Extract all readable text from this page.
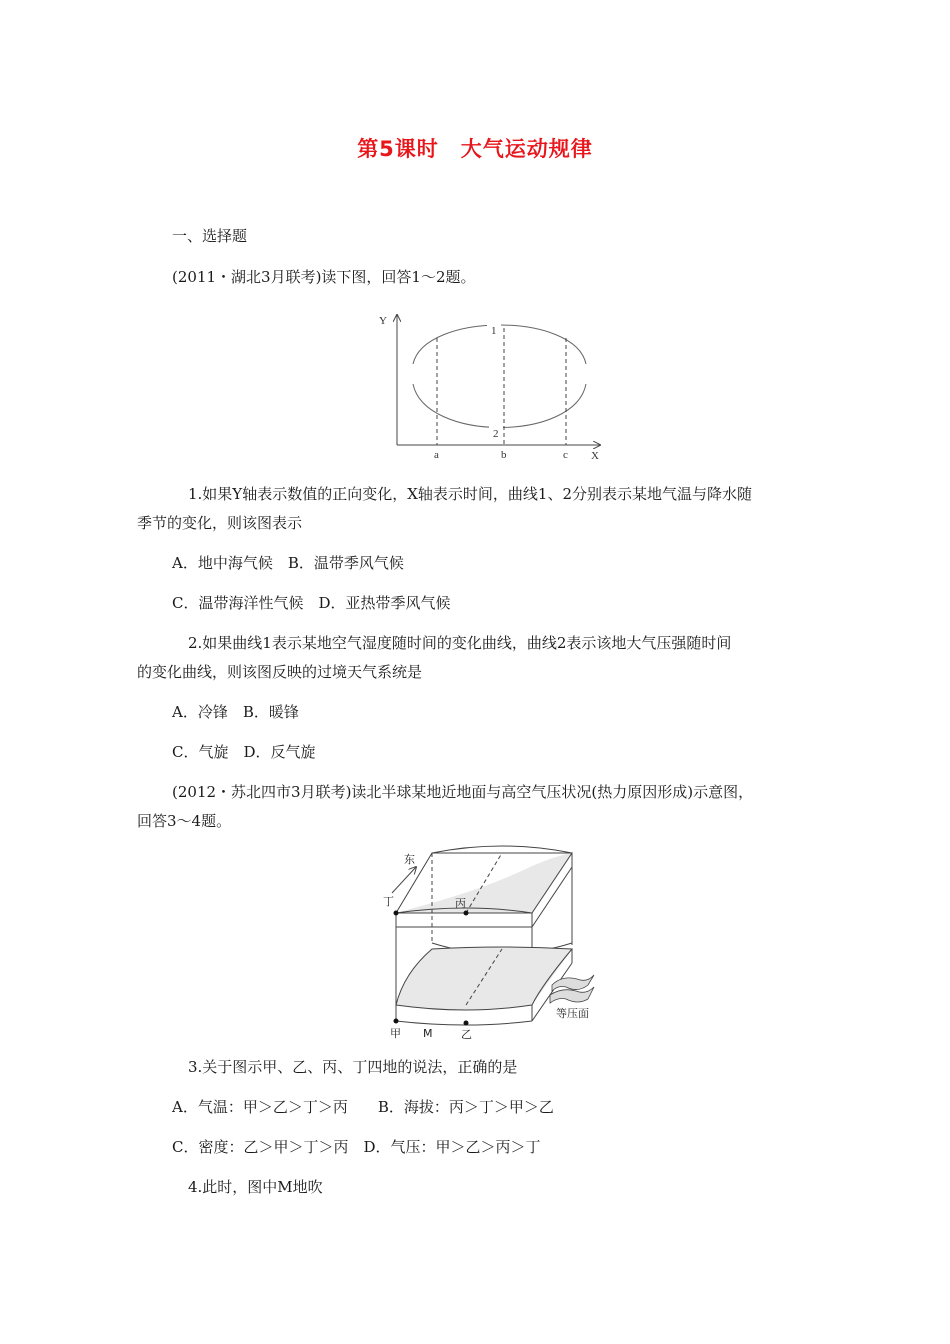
第5课时　大气运动规律
一、选择题
(2011・湖北3月联考)读下图，回答1～2题。
Y
X
1
2
a	b	c
1.如果Y轴表示数值的正向变化，X轴表示时间，曲线1、2分别表示某地气温与降水随
季节的变化，则该图表示
A．地中海气候　B．温带季风气候
C．温带海洋性气候　D．亚热带季风气候
2.如果曲线1表示某地空气湿度随时间的变化曲线，曲线2表示该地大气压强随时间
的变化曲线，则该图反映的过境天气系统是
A．冷锋　B．暖锋
C．气旋　D．反气旋
(2012・苏北四市3月联考)读北半球某地近地面与高空气压状况(热力原因形成)示意图，
回答3～4题。
东
丁	丙
甲	乙
M
等压面
3.关于图示甲、乙、丙、丁四地的说法，正确的是
A．气温：甲＞乙＞丁＞丙　　B．海拔：丙＞丁＞甲＞乙
C．密度：乙＞甲＞丁＞丙　D．气压：甲＞乙＞丙＞丁
4.此时，图中M地吹
